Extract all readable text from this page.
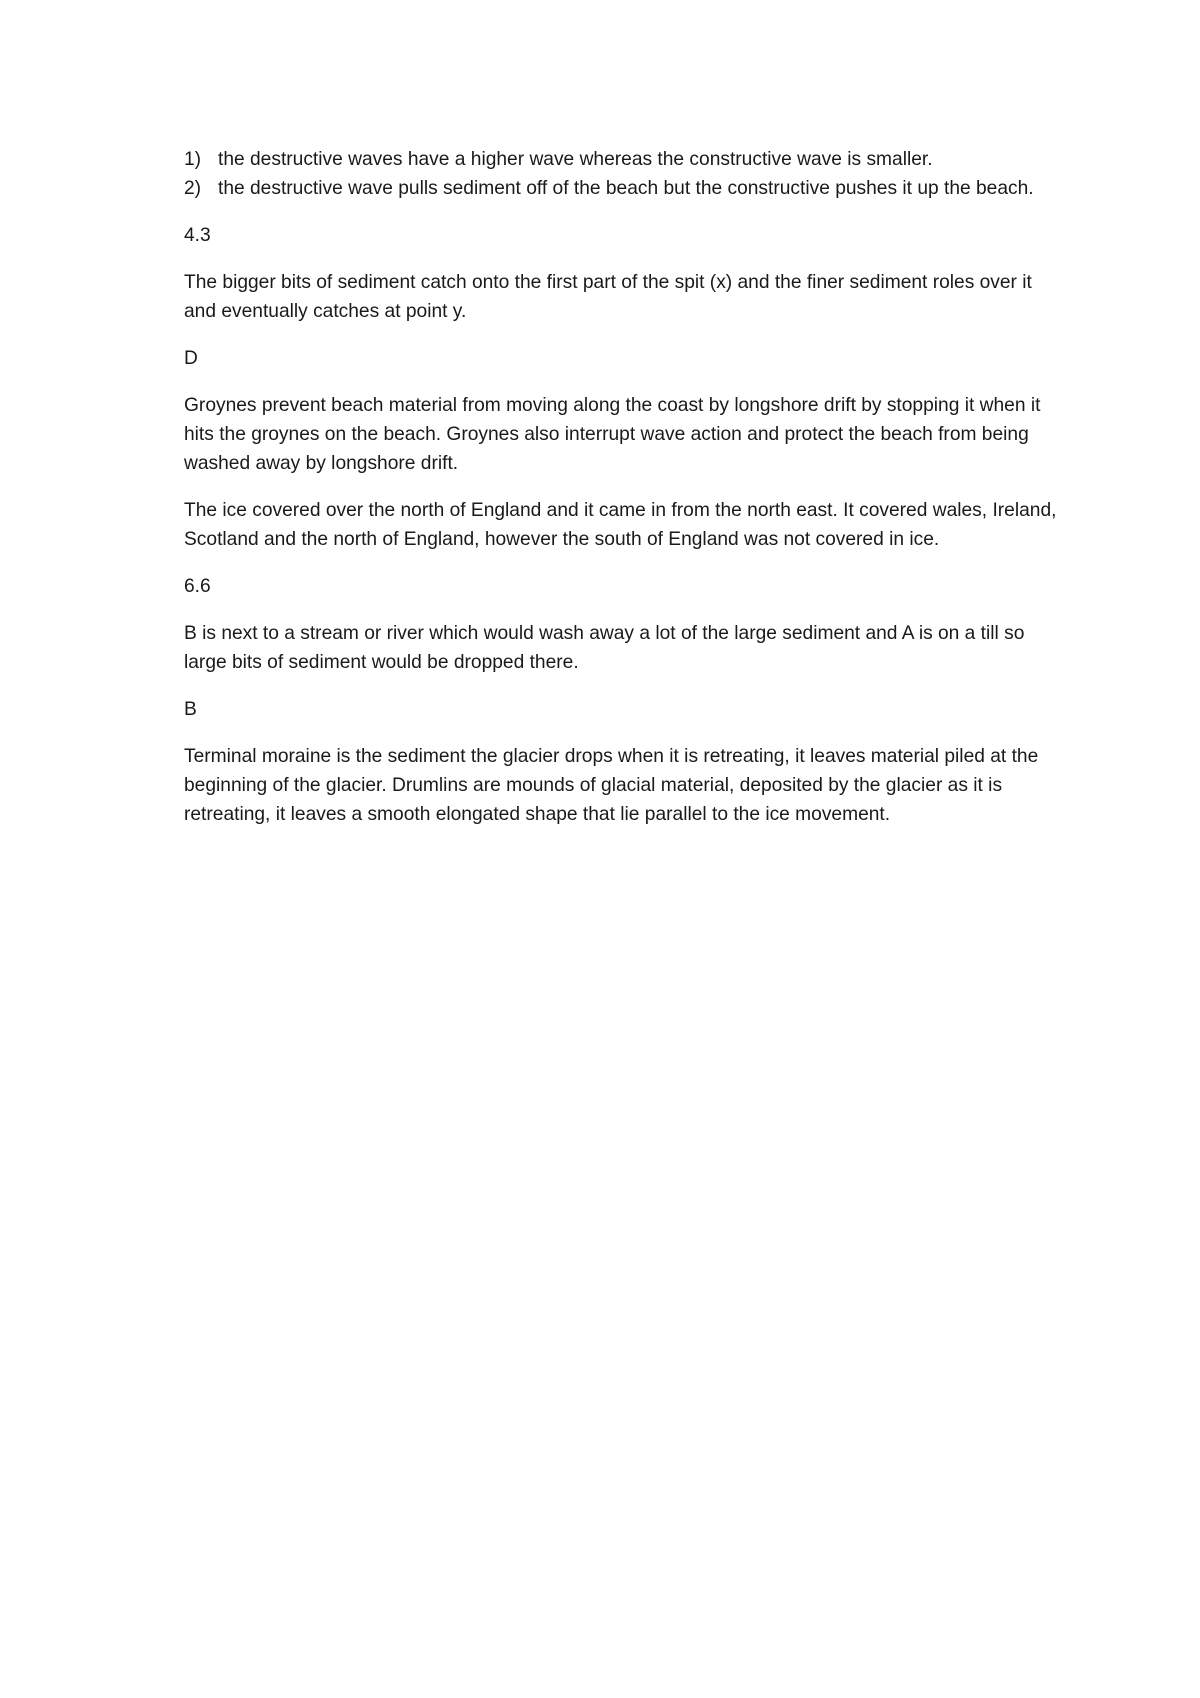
1) the destructive waves have a higher wave whereas the constructive wave is smaller.
2) the destructive wave pulls sediment off of the beach but the constructive pushes it up the beach.

4.3

The bigger bits of sediment catch onto the first part of the spit (x) and the finer sediment roles over it and eventually catches at point y.

D

Groynes prevent beach material from moving along the coast by longshore drift by stopping it when it hits the groynes on the beach. Groynes also interrupt wave action and protect the beach from being washed away by longshore drift.

The ice covered over the north of England and it came in from the north east. It covered wales, Ireland, Scotland and the north of England, however the south of England was not covered in ice.

6.6

B is next to a stream or river which would wash away a lot of the large sediment and A is on a till so large bits of sediment would be dropped there.

B

Terminal moraine is the sediment the glacier drops when it is retreating, it leaves material piled at the beginning of the glacier. Drumlins are mounds of glacial material, deposited by the glacier as it is retreating, it leaves a smooth elongated shape that lie parallel to the ice movement.
